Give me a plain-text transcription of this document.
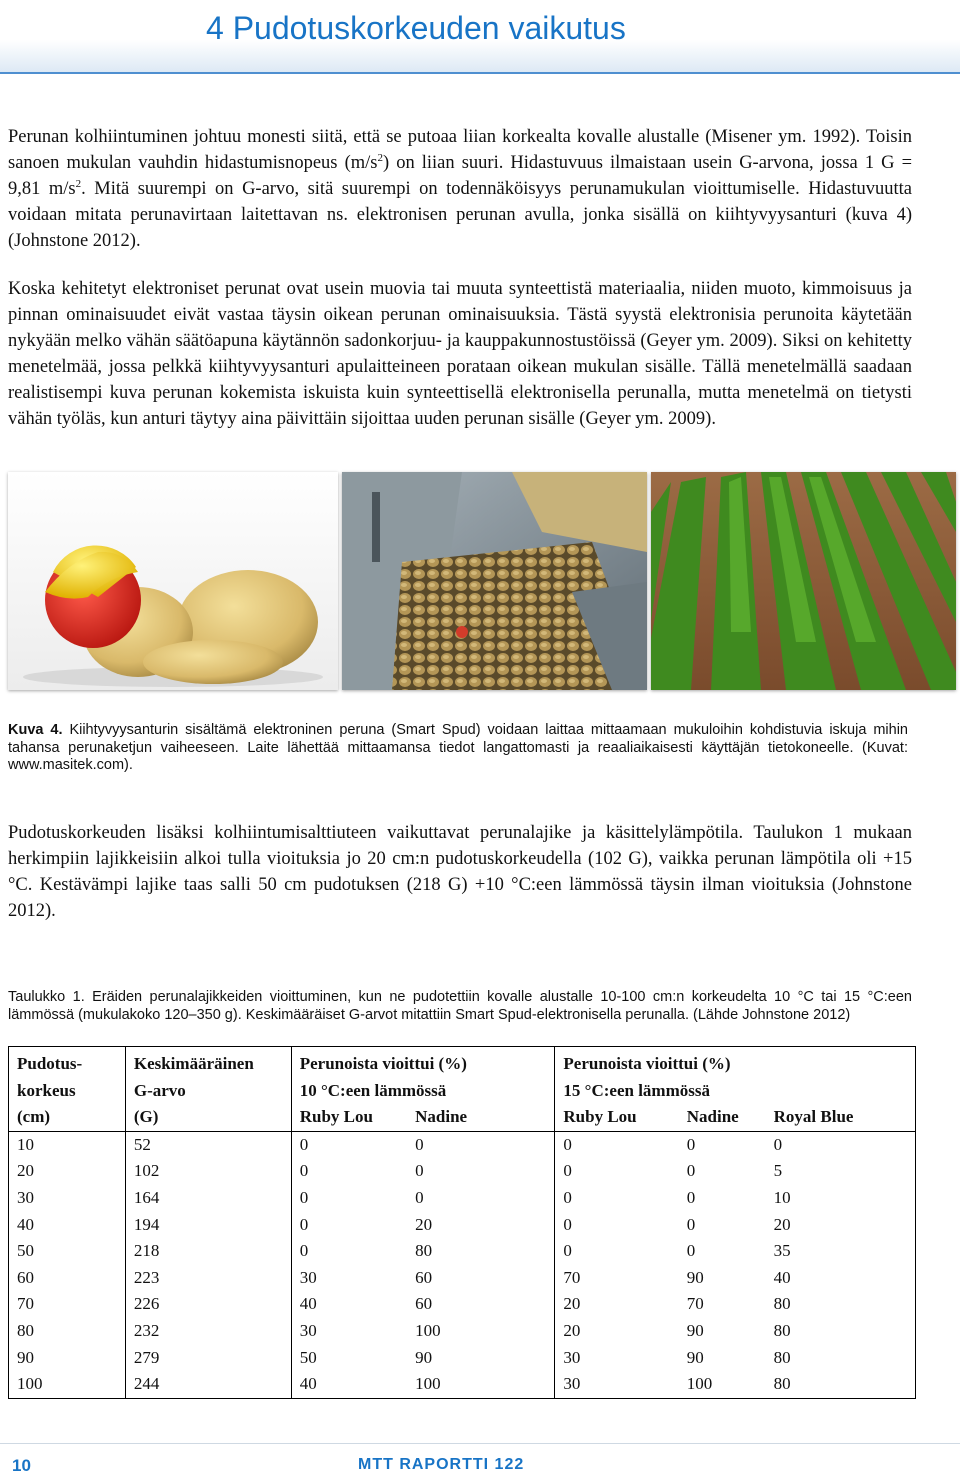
4 Pudotuskorkeuden vaikutus

Perunan kolhiintuminen johtuu monesti siitä, että se putoaa liian korkealta kovalle alustalle (Misener ym. 1992). Toisin sanoen mukulan vauhdin hidastumisnopeus $(m/s^2)$ on liian suuri. Hidastuvuus ilmaistaan usein G-arvona, jossa 1 G = 9,81 $m/s^2$. Mitä suurempi on G-arvo, sitä suurempi on todennäköisyys perunamukulan vioittumiselle. Hidastuvuutta voidaan mitata perunavirtaan laitettavan ns. elektronisen perunan avulla, jonka sisällä on kiihtyvyysanturi (kuva 4) (Johnstone 2012).

Koska kehitetyt elektroniset perunat ovat usein muovia tai muuta synteettistä materiaalia, niiden muoto, kimmoisuus ja pinnan ominaisuudet eivät vastaa täysin oikean perunan ominaisuuksia. Tästä syystä elektronisia perunoita käytetään nykyään melko vähän säätöapuna käytännön sadonkorjuu- ja kauppakunnostustöissä (Geyer ym. 2009). Siksi on kehitetty menetelmää, jossa pelkkä kiihtyvyysanturi apulaitteineen porataan oikean mukulan sisälle. Tällä menetelmällä saadaan realistisempi kuva perunan kokemista iskuista kuin synteettisellä elektronisella perunalla, mutta menetelmä on tietysti vähän työläs, kun anturi täytyy aina päivittäin sijoittaa uuden perunan sisälle (Geyer ym. 2009).

Kuva 4. Kiihtyvyysanturin sisältämä elektroninen peruna (Smart Spud) voidaan laittaa mittaamaan mukuloihin kohdistuvia iskuja mihin tahansa perunaketjun vaiheeseen. Laite lähettää mittaamansa tiedot langattomasti ja reaaliaikaisesti käyttäjän tietokoneelle. (Kuvat: www.masitek.com).

Pudotuskorkeuden lisäksi kolhiintumisalttiuteen vaikuttavat perunalajike ja käsittelylämpötila. Taulukon 1 mukaan herkimpiin lajikkeisiin alkoi tulla vioituksia jo 20 cm:n pudotuskorkeudella (102 G), vaikka perunan lämpötila oli +15 °C. Kestävämpi lajike taas salli 50 cm pudotuksen (218 G) +10 °C:een lämmössä täysin ilman vioituksia (Johnstone 2012).

Taulukko 1. Eräiden perunalajikkeiden vioittuminen, kun ne pudotettiin kovalle alustalle 10-100 cm:n korkeudelta 10 °C tai 15 °C:een lämmössä (mukulakoko 120–350 g). Keskimääräiset G-arvot mitattiin Smart Spud-elektronisella perunalla. (Lähde Johnstone 2012)

Pudotus-	Keskimääräinen	Perunoista vioittui (%)		Perunoista vioittui (%)		
korkeus	G-arvo	10 °C:een lämmössä		15 °C:een lämmössä		
(cm)	(G)	Ruby Lou	Nadine	Ruby Lou	Nadine	Royal Blue
10	52	0	0	0	0	0
20	102	0	0	0	0	5
30	164	0	0	0	0	10
40	194	0	20	0	0	20
50	218	0	80	0	0	35
60	223	30	60	70	90	40
70	226	40	60	20	70	80
80	232	30	100	20	90	80
90	279	50	90	30	90	80
100	244	40	100	30	100	80
10	MTT RAPORTTI 122
